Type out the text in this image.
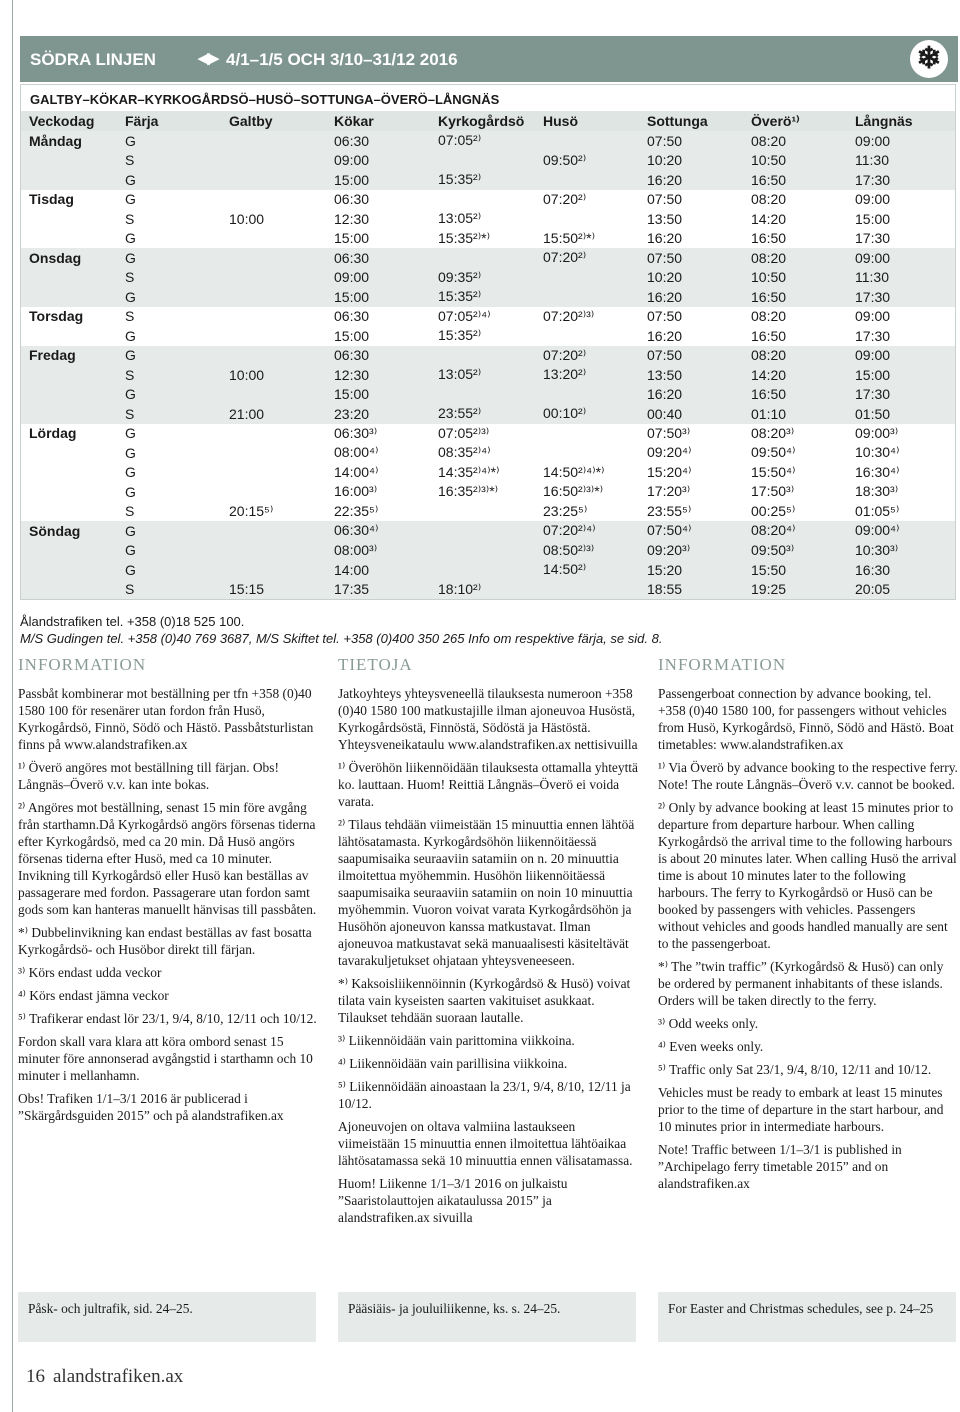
SÖDRA LINJEN	◀▶ 4/1–1/5 OCH 3/10–31/12 2016	❄
GALTBY–KÖKAR–KYRKOGÅRDSÖ–HUSÖ–SOTTUNGA–ÖVERÖ–LÅNGNÄS
Veckodag	Färja	Galtby	Kökar	Kyrkogårdsö	Husö	Sottunga	Överö¹⁾	Långnäs
Måndag	G		06:30	07:05²⁾		07:50	08:20	09:00
	S		09:00		09:50²⁾	10:20	10:50	11:30
	G		15:00	15:35²⁾		16:20	16:50	17:30
Tisdag	G		06:30		07:20²⁾	07:50	08:20	09:00
	S	10:00	12:30	13:05²⁾		13:50	14:20	15:00
	G		15:00	15:35²⁾*⁾	15:50²⁾*⁾	16:20	16:50	17:30
Onsdag	G		06:30		07:20²⁾	07:50	08:20	09:00
	S		09:00	09:35²⁾		10:20	10:50	11:30
	G		15:00	15:35²⁾		16:20	16:50	17:30
Torsdag	S		06:30	07:05²⁾⁴⁾	07:20²⁾³⁾	07:50	08:20	09:00
	G		15:00	15:35²⁾		16:20	16:50	17:30
Fredag	G		06:30		07:20²⁾	07:50	08:20	09:00
	S	10:00	12:30	13:05²⁾	13:20²⁾	13:50	14:20	15:00
	G		15:00			16:20	16:50	17:30
	S	21:00	23:20	23:55²⁾	00:10²⁾	00:40	01:10	01:50
Lördag	G		06:30³⁾	07:05²⁾³⁾		07:50³⁾	08:20³⁾	09:00³⁾
	G		08:00⁴⁾	08:35²⁾⁴⁾		09:20⁴⁾	09:50⁴⁾	10:30⁴⁾
	G		14:00⁴⁾	14:35²⁾⁴⁾*⁾	14:50²⁾⁴⁾*⁾	15:20⁴⁾	15:50⁴⁾	16:30⁴⁾
	G		16:00³⁾	16:35²⁾³⁾*⁾	16:50²⁾³⁾*⁾	17:20³⁾	17:50³⁾	18:30³⁾
	S	20:15⁵⁾	22:35⁵⁾		23:25⁵⁾	23:55⁵⁾	00:25⁵⁾	01:05⁵⁾
Söndag	G		06:30⁴⁾		07:20²⁾⁴⁾	07:50⁴⁾	08:20⁴⁾	09:00⁴⁾
	G		08:00³⁾		08:50²⁾³⁾	09:20³⁾	09:50³⁾	10:30³⁾
	G		14:00		14:50²⁾	15:20	15:50	16:30
	S	15:15	17:35	18:10²⁾		18:55	19:25	20:05
Ålandstrafiken tel. +358 (0)18 525 100.
M/S Gudingen tel. +358 (0)40 769 3687, M/S Skiftet tel. +358 (0)400 350 265 Info om respektive färja, se sid. 8.
INFORMATION

Passbåt kombinerar mot beställning per tfn +358 (0)40 1580 100 för resenärer utan fordon från Husö, Kyrkogårdsö, Finnö, Södö och Hästö. Passbåtsturlistan finns på www.alandstrafiken.ax

¹⁾ Överö angöres mot beställning till färjan. Obs! Långnäs–Överö v.v. kan inte bokas.

²⁾ Angöres mot beställning, senast 15 min före avgång från starthamn.Då Kyrkogårdsö angörs försenas tiderna efter Kyrkogårdsö, med ca 20 min. Då Husö angörs försenas tiderna efter Husö, med ca 10 minuter. Invikning till Kyrkogårdsö eller Husö kan beställas av passagerare med fordon. Passagerare utan fordon samt gods som kan hanteras manuellt hänvisas till passbåten.

*⁾ Dubbelinvikning kan endast beställas av fast bosatta Kyrkogårdsö- och Husöbor direkt till färjan.

³⁾ Körs endast udda veckor

⁴⁾ Körs endast jämna veckor

⁵⁾ Trafikerar endast lör 23/1, 9/4, 8/10, 12/11 och 10/12.

Fordon skall vara klara att köra ombord senast 15 minuter före annonserad avgångstid i starthamn och 10 minuter i mellanhamn.

Obs! Trafiken 1/1–3/1 2016 är publicerad i ”Skärgårdsguiden 2015” och på alandstrafiken.ax

TIETOJA

Jatkoyhteys yhteysveneellä tilauksesta numeroon +358 (0)40 1580 100 matkustajille ilman ajoneuvoa Husöstä, Kyrkogårdsöstä, Finnöstä, Södöstä ja Hästöstä. Yhteysveneikataulu www.alandstrafiken.ax nettisivuilla

¹⁾ Överöhön liikennöidään tilauksesta ottamalla yhteyttä ko. lauttaan. Huom! Reittiä Långnäs–Överö ei voida varata.

²⁾ Tilaus tehdään viimeistään 15 minuuttia ennen lähtöä lähtösatamasta. Kyrkogårdsöhön liikennöitäessä saapumisaika seuraaviin satamiin on n. 20 minuuttia ilmoitettua myöhemmin. Husöhön liikennöitäessä saapumisaika seuraaviin satamiin on noin 10 minuuttia myöhemmin. Vuoron voivat varata Kyrkogårdsöhön ja Husöhön ajoneuvon kanssa matkustavat. Ilman ajoneuvoa matkustavat sekä manuaalisesti käsiteltävät tavarakuljetukset ohjataan yhteysveneeseen.

*⁾ Kaksoisliikennöinnin (Kyrkogårdsö & Husö) voivat tilata vain kyseisten saarten vakituiset asukkaat. Tilaukset tehdään suoraan lautalle.

³⁾ Liikennöidään vain parittomina viikkoina.

⁴⁾ Liikennöidään vain parillisina viikkoina.

⁵⁾ Liikennöidään ainoastaan la 23/1, 9/4, 8/10, 12/11 ja 10/12.

Ajoneuvojen on oltava valmiina lastaukseen viimeistään 15 minuuttia ennen ilmoitettua lähtöaikaa lähtösatamassa sekä 10 minuuttia ennen välisatamassa.

Huom! Liikenne 1/1–3/1 2016 on julkaistu ”Saaristolauttojen aikataulussa 2015” ja alandstrafiken.ax sivuilla

INFORMATION

Passengerboat connection by advance booking, tel. +358 (0)40 1580 100, for passengers without vehicles from Husö, Kyrkogårdsö, Finnö, Södö and Hästö. Boat timetables: www.alandstrafiken.ax

¹⁾ Via Överö by advance booking to the respective ferry. Note! The route Långnäs–Överö v.v. cannot be booked.

²⁾ Only by advance booking at least 15 minutes prior to departure from departure harbour. When calling Kyrkogårdsö the arrival time to the following harbours is about 20 minutes later. When calling Husö the arrival time is about 10 minutes later to the following harbours. The ferry to Kyrkogårdsö or Husö can be booked by passengers with vehicles. Passengers without vehicles and goods handled manually are sent to the passengerboat.

*⁾ The ”twin traffic” (Kyrkogårdsö & Husö) can only be ordered by permanent inhabitants of these islands. Orders will be taken directly to the ferry.

³⁾ Odd weeks only.

⁴⁾ Even weeks only.

⁵⁾ Traffic only Sat 23/1, 9/4, 8/10, 12/11 and 10/12.

Vehicles must be ready to embark at least 15 minutes prior to the time of departure in the start harbour, and 10 minutes prior in intermediate harbours.

Note! Traffic between 1/1–3/1 is published in ”Archipelago ferry timetable 2015” and on alandstrafiken.ax

Påsk- och jultrafik, sid. 24–25.	Pääsiäis- ja jouluiliikenne, ks. s. 24–25.	For Easter and Christmas schedules, see p. 24–25
16 alandstrafiken.ax
